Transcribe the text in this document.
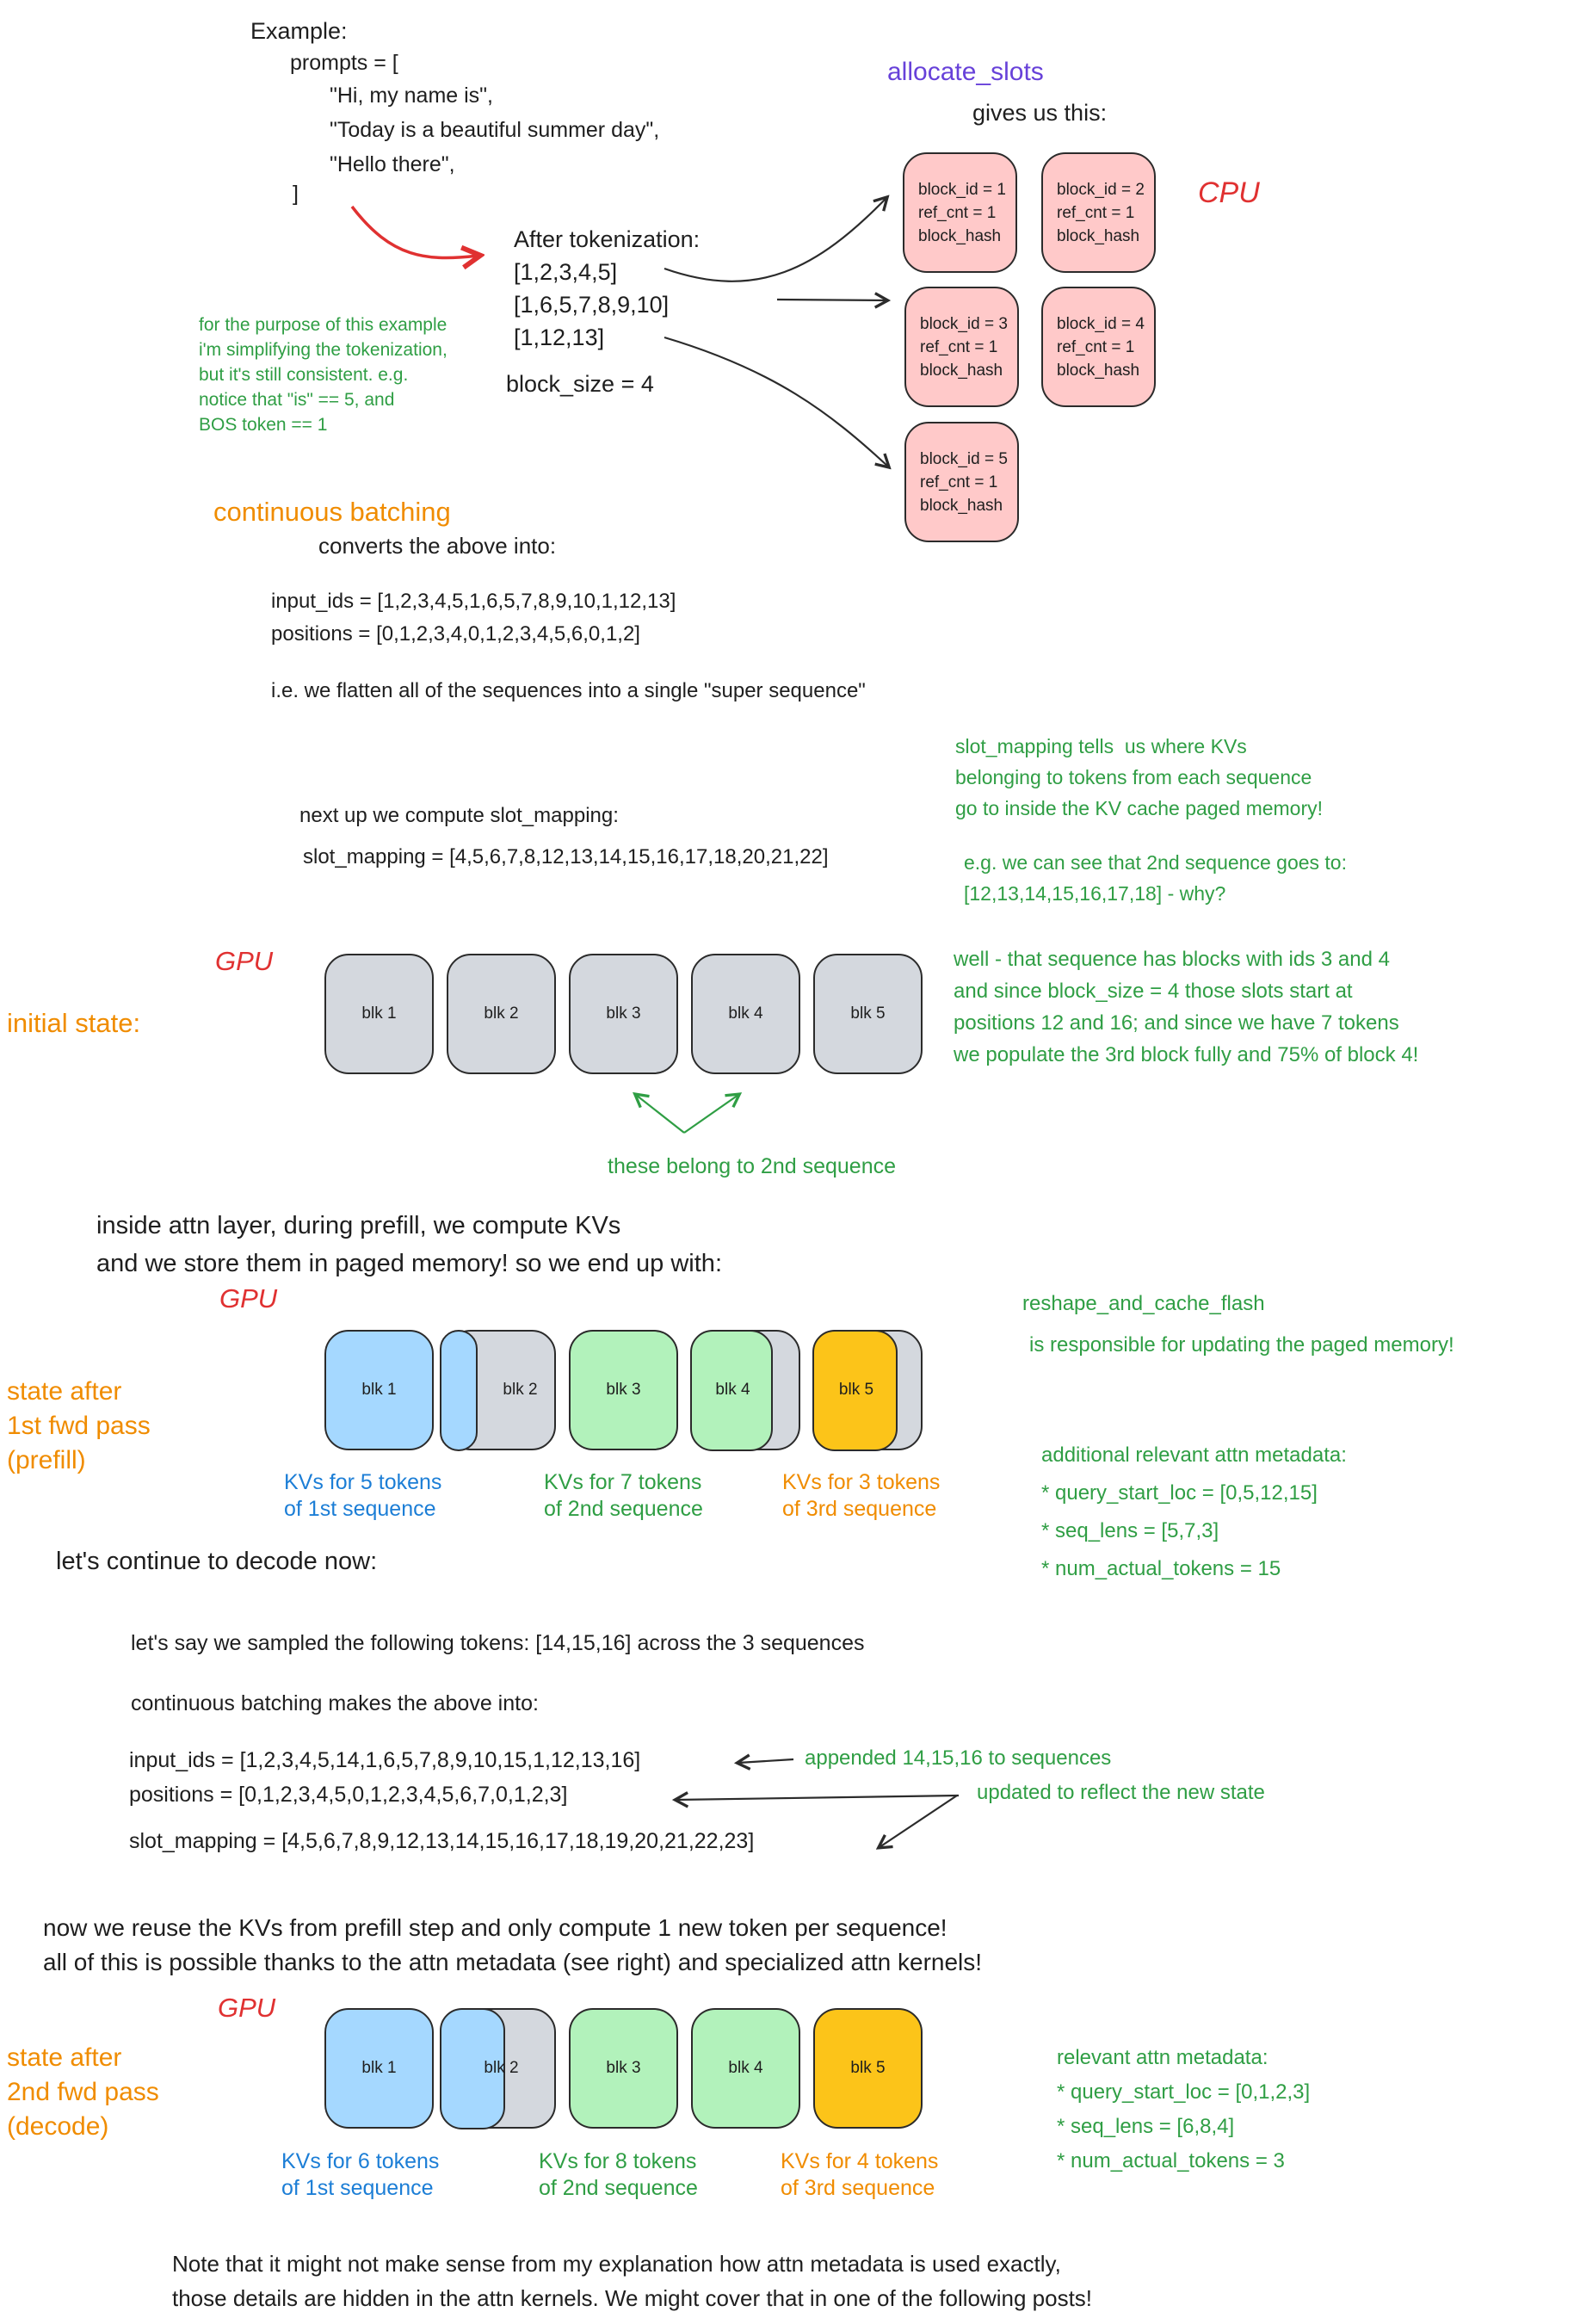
Example:
prompts = [
"Hi, my name is",
"Today is a beautiful summer day",
"Hello there",
]
After tokenization:
[1,2,3,4,5]
[1,6,5,7,8,9,10]
[1,12,13]
block_size = 4
for the purpose of this example
i'm simplifying the tokenization,
but it's still consistent. e.g.
notice that "is" == 5, and
BOS token == 1
allocate_slots
gives us this:
CPU
block_id = 1
ref_cnt = 1
block_hash
block_id = 2
ref_cnt = 1
block_hash
block_id = 3
ref_cnt = 1
block_hash
block_id = 4
ref_cnt = 1
block_hash
block_id = 5
ref_cnt = 1
block_hash
continuous batching
converts the above into:
input_ids = [1,2,3,4,5,1,6,5,7,8,9,10,1,12,13]
positions = [0,1,2,3,4,0,1,2,3,4,5,6,0,1,2]
i.e. we flatten all of the sequences into a single "super sequence"
next up we compute slot_mapping:
slot_mapping = [4,5,6,7,8,12,13,14,15,16,17,18,20,21,22]
slot_mapping tells  us where KVs
belonging to tokens from each sequence
go to inside the KV cache paged memory!
e.g. we can see that 2nd sequence goes to:
[12,13,14,15,16,17,18] - why?
GPU
initial state:	blk 1	blk 2	blk 3	blk 4	blk 5
these belong to 2nd sequence
well - that sequence has blocks with ids 3 and 4
and since block_size = 4 those slots start at
positions 12 and 16; and since we have 7 tokens
we populate the 3rd block fully and 75% of block 4!
inside attn layer, during prefill, we compute KVs
and we store them in paged memory! so we end up with:
GPU
state after
1st fwd pass
(prefill)
blk 1	blk 2	blk 3	blk 4	blk 5
KVs for 5 tokens
of 1st sequence
KVs for 7 tokens
of 2nd sequence
KVs for 3 tokens
of 3rd sequence
reshape_and_cache_flash
is responsible for updating the paged memory!
additional relevant attn metadata:
* query_start_loc = [0,5,12,15]
* seq_lens = [5,7,3]
* num_actual_tokens = 15
let's continue to decode now:
let's say we sampled the following tokens: [14,15,16] across the 3 sequences
continuous batching makes the above into:
input_ids = [1,2,3,4,5,14,1,6,5,7,8,9,10,15,1,12,13,16]
positions = [0,1,2,3,4,5,0,1,2,3,4,5,6,7,0,1,2,3]
slot_mapping = [4,5,6,7,8,9,12,13,14,15,16,17,18,19,20,21,22,23]
appended 14,15,16 to sequences
updated to reflect the new state
now we reuse the KVs from prefill step and only compute 1 new token per sequence!
all of this is possible thanks to the attn metadata (see right) and specialized attn kernels!
GPU
state after
2nd fwd pass
(decode)
blk 1	blk 2	blk 3	blk 4	blk 5
KVs for 6 tokens
of 1st sequence
KVs for 8 tokens
of 2nd sequence
KVs for 4 tokens
of 3rd sequence
relevant attn metadata:
* query_start_loc = [0,1,2,3]
* seq_lens = [6,8,4]
* num_actual_tokens = 3
Note that it might not make sense from my explanation how attn metadata is used exactly,
those details are hidden in the attn kernels. We might cover that in one of the following posts!
